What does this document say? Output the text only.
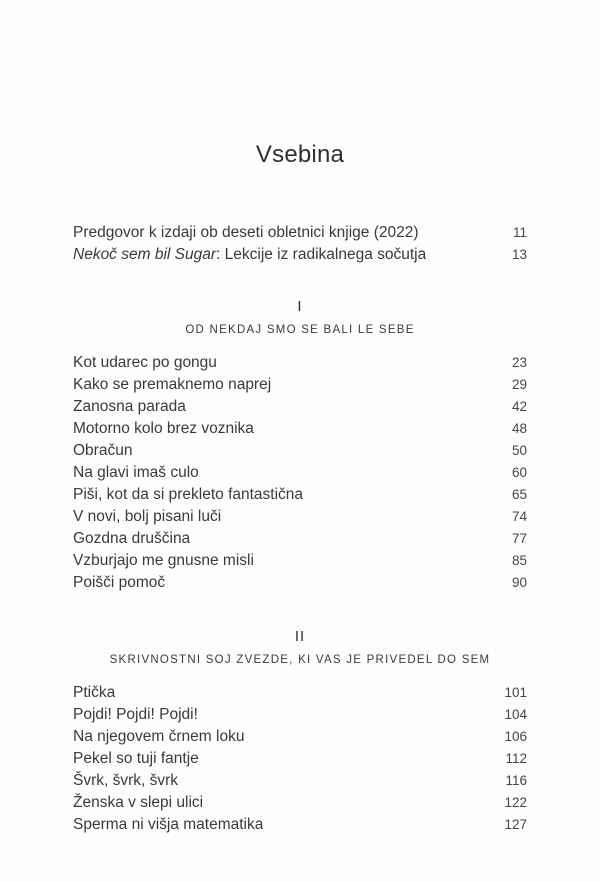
Vsebina
Predgovor k izdaji ob deseti obletnici knjige (2022)	11
Nekoč sem bil Sugar: Lekcije iz radikalnega sočutja	13
I
OD NEKDAJ SMO SE BALI LE SEBE
Kot udarec po gongu	23
Kako se premaknemo naprej	29
Zanosna parada	42
Motorno kolo brez voznika	48
Obračun	50
Na glavi imaš culo	60
Piši, kot da si prekleto fantastična	65
V novi, bolj pisani luči	74
Gozdna druščina	77
Vzburjajo me gnusne misli	85
Poišči pomoč	90
II
SKRIVNOSTNI SOJ ZVEZDE, KI VAS JE PRIVEDEL DO SEM
Ptička	101
Pojdi! Pojdi! Pojdi!	104
Na njegovem črnem loku	106
Pekel so tuji fantje	112
Švrk, švrk, švrk	116
Ženska v slepi ulici	122
Sperma ni višja matematika	127
